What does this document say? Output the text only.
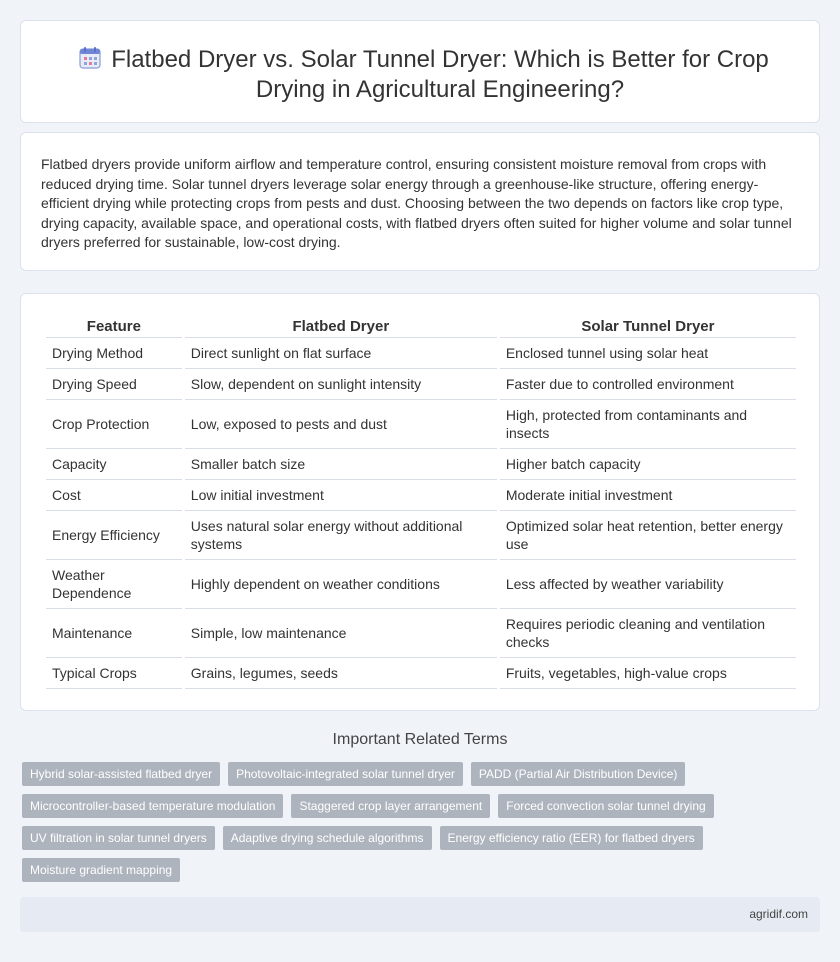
Flatbed Dryer vs. Solar Tunnel Dryer: Which is Better for Crop Drying in Agricultural Engineering?

Flatbed dryers provide uniform airflow and temperature control, ensuring consistent moisture removal from crops with reduced drying time. Solar tunnel dryers leverage solar energy through a greenhouse-like structure, offering energy-efficient drying while protecting crops from pests and dust. Choosing between the two depends on factors like crop type, drying capacity, available space, and operational costs, with flatbed dryers often suited for higher volume and solar tunnel dryers preferred for sustainable, low-cost drying.

Feature	Flatbed Dryer	Solar Tunnel Dryer
Drying Method	Direct sunlight on flat surface	Enclosed tunnel using solar heat
Drying Speed	Slow, dependent on sunlight intensity	Faster due to controlled environment
Crop Protection	Low, exposed to pests and dust	High, protected from contaminants and insects
Capacity	Smaller batch size	Higher batch capacity
Cost	Low initial investment	Moderate initial investment
Energy Efficiency	Uses natural solar energy without additional systems	Optimized solar heat retention, better energy use
Weather Dependence	Highly dependent on weather conditions	Less affected by weather variability
Maintenance	Simple, low maintenance	Requires periodic cleaning and ventilation checks
Typical Crops	Grains, legumes, seeds	Fruits, vegetables, high-value crops
Important Related Terms
Hybrid solar-assisted flatbed dryer	Photovoltaic-integrated solar tunnel dryer	PADD (Partial Air Distribution Device)
Microcontroller-based temperature modulation	Staggered crop layer arrangement	Forced convection solar tunnel drying
UV filtration in solar tunnel dryers	Adaptive drying schedule algorithms	Energy efficiency ratio (EER) for flatbed dryers
Moisture gradient mapping
agridif.com
